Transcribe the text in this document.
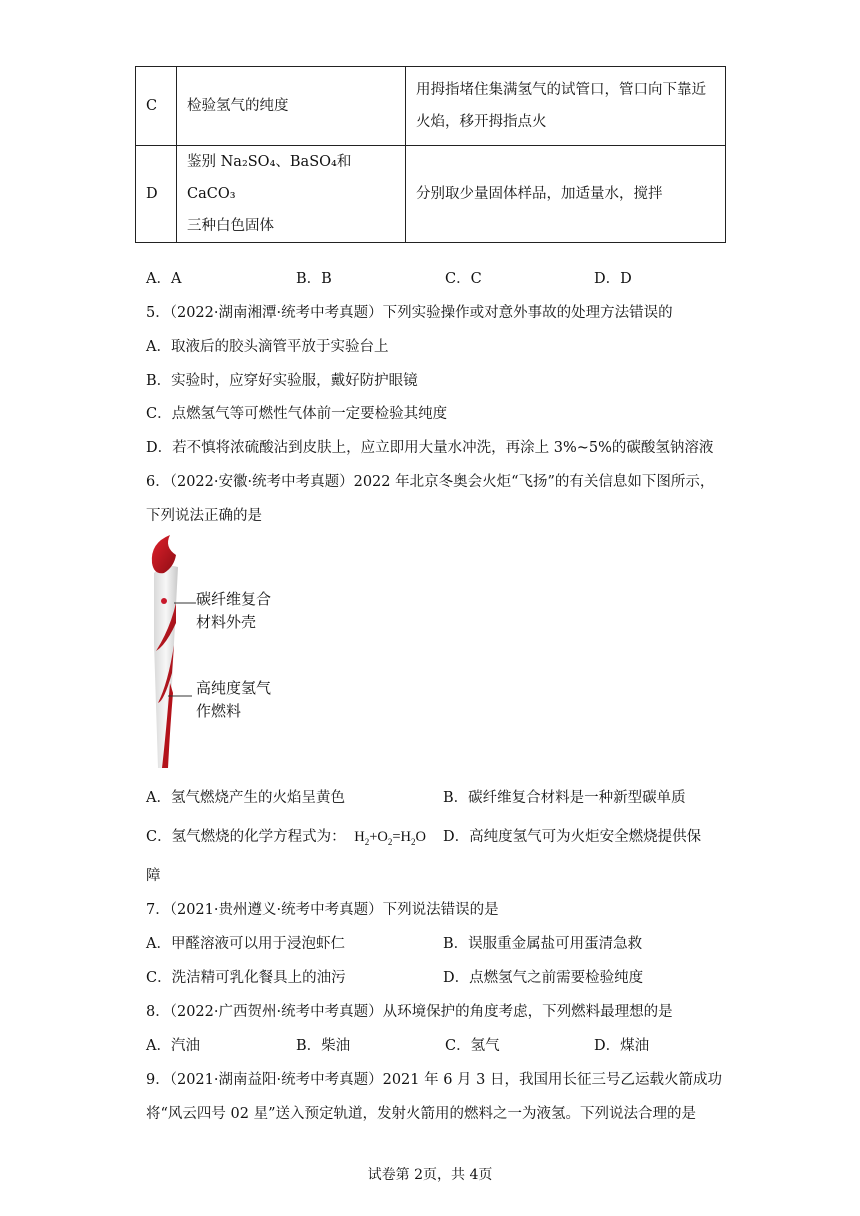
C	检验氢气的纯度	用拇指堵住集满氢气的试管口，管口向下靠近
火焰，移开拇指点火

D	鉴别 Na₂SO₄、BaSO₄和 CaCO₃
三种白色固体	分别取少量固体样品，加适量水，搅拌
A．A	B．B	C．C	D．D
5．（2022·湖南湘潭·统考中考真题）下列实验操作或对意外事故的处理方法错误的
A．取液后的胶头滴管平放于实验台上
B．实验时，应穿好实验服，戴好防护眼镜
C．点燃氢气等可燃性气体前一定要检验其纯度
D．若不慎将浓硫酸沾到皮肤上，应立即用大量水冲洗，再涂上 3%~5%的碳酸氢钠溶液
6．（2022·安徽·统考中考真题）2022 年北京冬奥会火炬“飞扬”的有关信息如下图所示，
下列说法正确的是
碳纤维复合
材料外壳
高纯度氢气
作燃料
A．氢气燃烧产生的火焰呈黄色	B．碳纤维复合材料是一种新型碳单质
C．氢气燃烧的化学方程式为： $H_2+O_2=H_2O$ D．高纯度氢气可为火炬安全燃烧提供保
障
7．（2021·贵州遵义·统考中考真题）下列说法错误的是
A．甲醛溶液可以用于浸泡虾仁	B．误服重金属盐可用蛋清急救
C．洗洁精可乳化餐具上的油污	D．点燃氢气之前需要检验纯度
8．（2022·广西贺州·统考中考真题）从环境保护的角度考虑，下列燃料最理想的是
A．汽油	B．柴油	C．氢气	D．煤油
9．（2021·湖南益阳·统考中考真题）2021 年 6 月 3 日，我国用长征三号乙运载火箭成功
将“风云四号 02 星”送入预定轨道，发射火箭用的燃料之一为液氢。下列说法合理的是
试卷第 2页，共 4页
